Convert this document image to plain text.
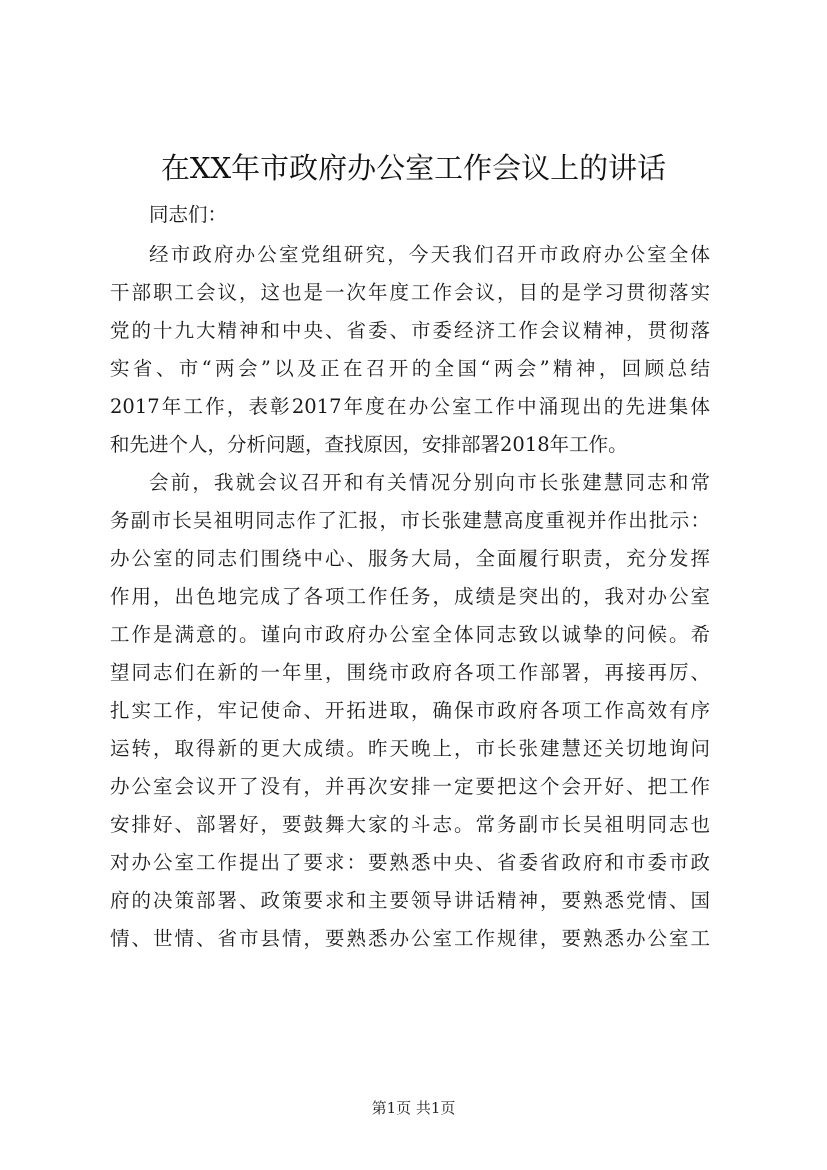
在XX年市政府办公室工作会议上的讲话
同志们：
经市政府办公室党组研究，今天我们召开市政府办公室全体
干部职工会议，这也是一次年度工作会议，目的是学习贯彻落实
党的十九大精神和中央、省委、市委经济工作会议精神，贯彻落
实省、市“两会”以及正在召开的全国“两会”精神，回顾总结
2017年工作，表彰2017年度在办公室工作中涌现出的先进集体
和先进个人，分析问题，查找原因，安排部署2018年工作。
会前，我就会议召开和有关情况分别向市长张建慧同志和常
务副市长吴祖明同志作了汇报，市长张建慧高度重视并作出批示：
办公室的同志们围绕中心、服务大局，全面履行职责，充分发挥
作用，出色地完成了各项工作任务，成绩是突出的，我对办公室
工作是满意的。谨向市政府办公室全体同志致以诚挚的问候。希
望同志们在新的一年里，围绕市政府各项工作部署，再接再厉、
扎实工作，牢记使命、开拓进取，确保市政府各项工作高效有序
运转，取得新的更大成绩。昨天晚上，市长张建慧还关切地询问
办公室会议开了没有，并再次安排一定要把这个会开好、把工作
安排好、部署好，要鼓舞大家的斗志。常务副市长吴祖明同志也
对办公室工作提出了要求：要熟悉中央、省委省政府和市委市政
府的决策部署、政策要求和主要领导讲话精神，要熟悉党情、国
情、世情、省市县情，要熟悉办公室工作规律，要熟悉办公室工
第1页 共1页
